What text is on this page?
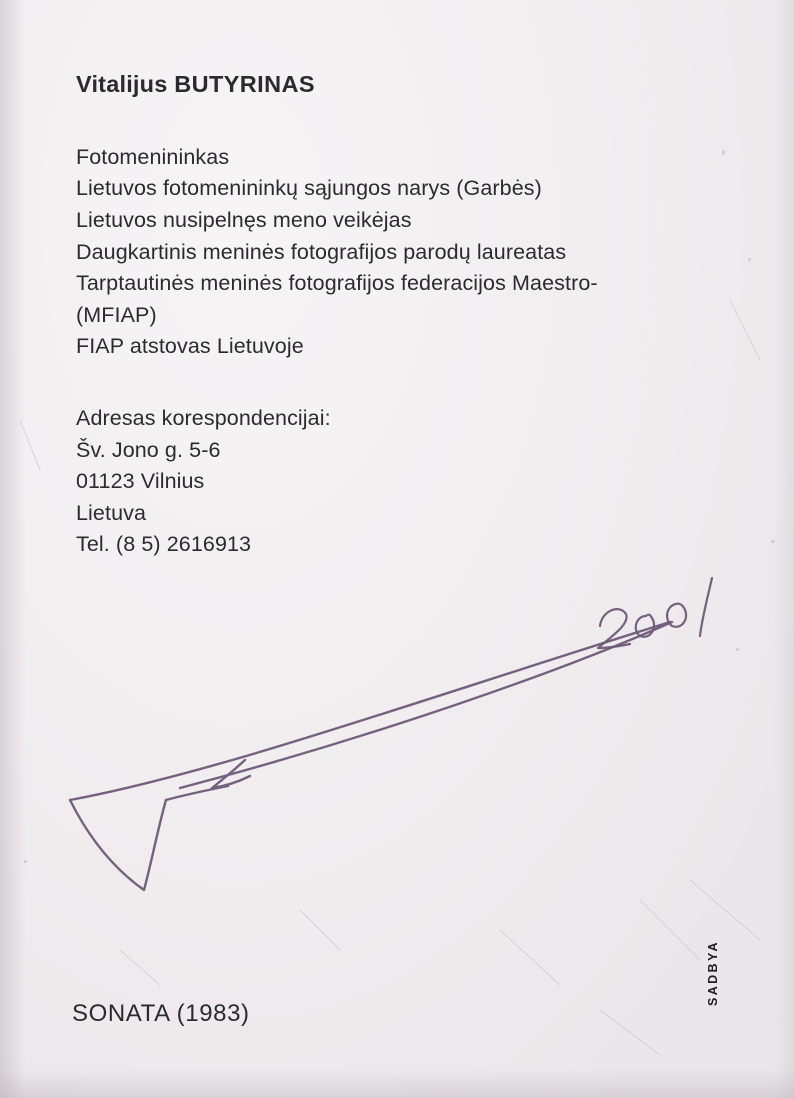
Vitalijus BUTYRINAS

Fotomenininkas

Lietuvos fotomenininkų sąjungos narys (Garbės)

Lietuvos nusipelnęs meno veikėjas

Daugkartinis meninės fotografijos parodų laureatas

Tarptautinės meninės fotografijos federacijos Maestro-

(MFIAP)

FIAP atstovas Lietuvoje

Adresas korespondencijai:

Šv. Jono g. 5-6

01123 Vilnius

Lietuva

Tel. (8 5) 2616913

SONATA (1983)
SADBYA
